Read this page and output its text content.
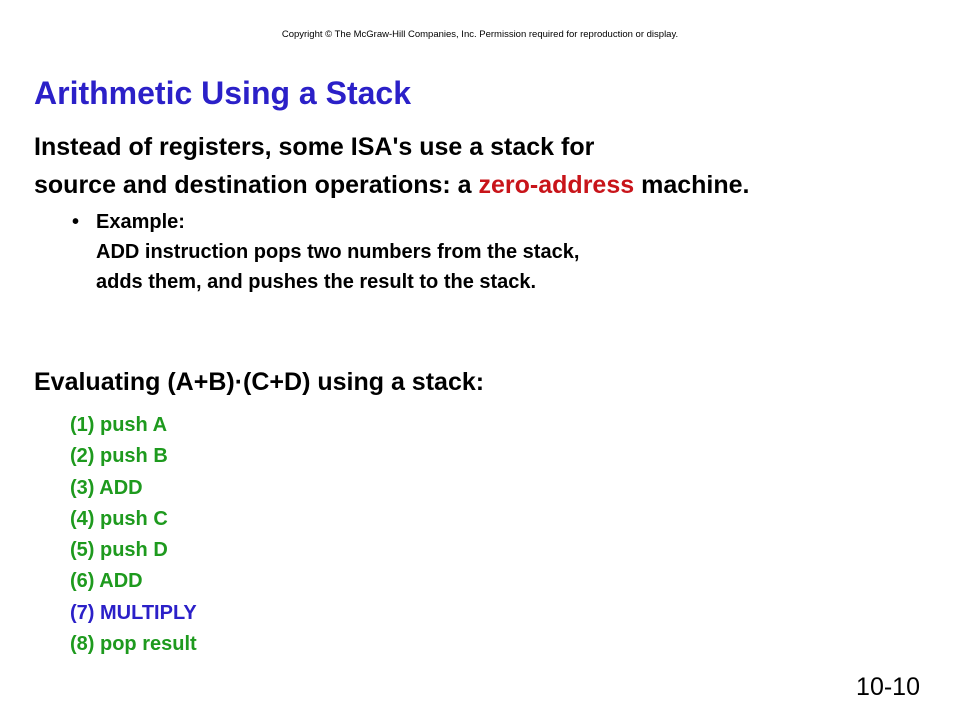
Copyright © The McGraw-Hill Companies, Inc. Permission required for reproduction or display.
Arithmetic Using a Stack
Instead of registers, some ISA's use a stack for
source and destination operations: a zero-address machine.
• Example:
ADD instruction pops two numbers from the stack,
adds them, and pushes the result to the stack.
Evaluating (A+B)·(C+D) using a stack:
(1) push A
(2) push B
(3) ADD
(4) push C
(5) push D
(6) ADD
(7) MULTIPLY
(8) pop result
10-10
